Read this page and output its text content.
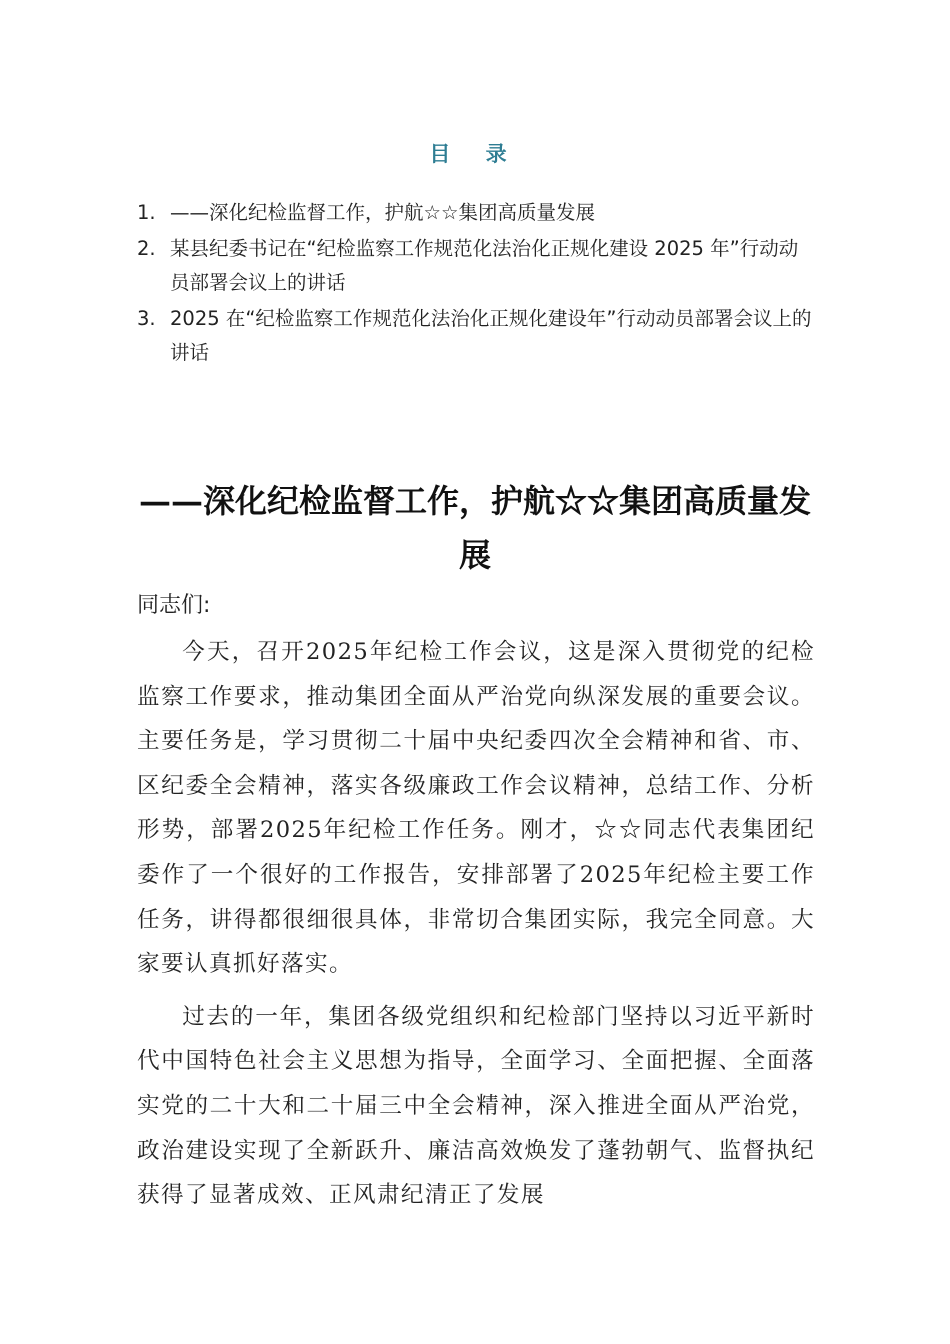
目 录
1. ——深化纪检监督工作，护航☆☆集团高质量发展
2. 某县纪委书记在“纪检监察工作规范化法治化正规化建设 2025 年”行动动员部署会议上的讲话
3. 2025 在“纪检监察工作规范化法治化正规化建设年”行动动员部署会议上的讲话
——深化纪检监督工作，护航☆☆集团高质量发展
同志们:

今天，召开2025年纪检工作会议，这是深入贯彻党的纪检监察工作要求，推动集团全面从严治党向纵深发展的重要会议。主要任务是，学习贯彻二十届中央纪委四次全会精神和省、市、区纪委全会精神，落实各级廉政工作会议精神，总结工作、分析形势，部署2025年纪检工作任务。刚才，☆☆同志代表集团纪委作了一个很好的工作报告，安排部署了2025年纪检主要工作任务，讲得都很细很具体，非常切合集团实际，我完全同意。大家要认真抓好落实。

过去的一年，集团各级党组织和纪检部门坚持以习近平新时代中国特色社会主义思想为指导，全面学习、全面把握、全面落实党的二十大和二十届三中全会精神，深入推进全面从严治党，政治建设实现了全新跃升、廉洁高效焕发了蓬勃朝气、监督执纪获得了显著成效、正风肃纪清正了发展
